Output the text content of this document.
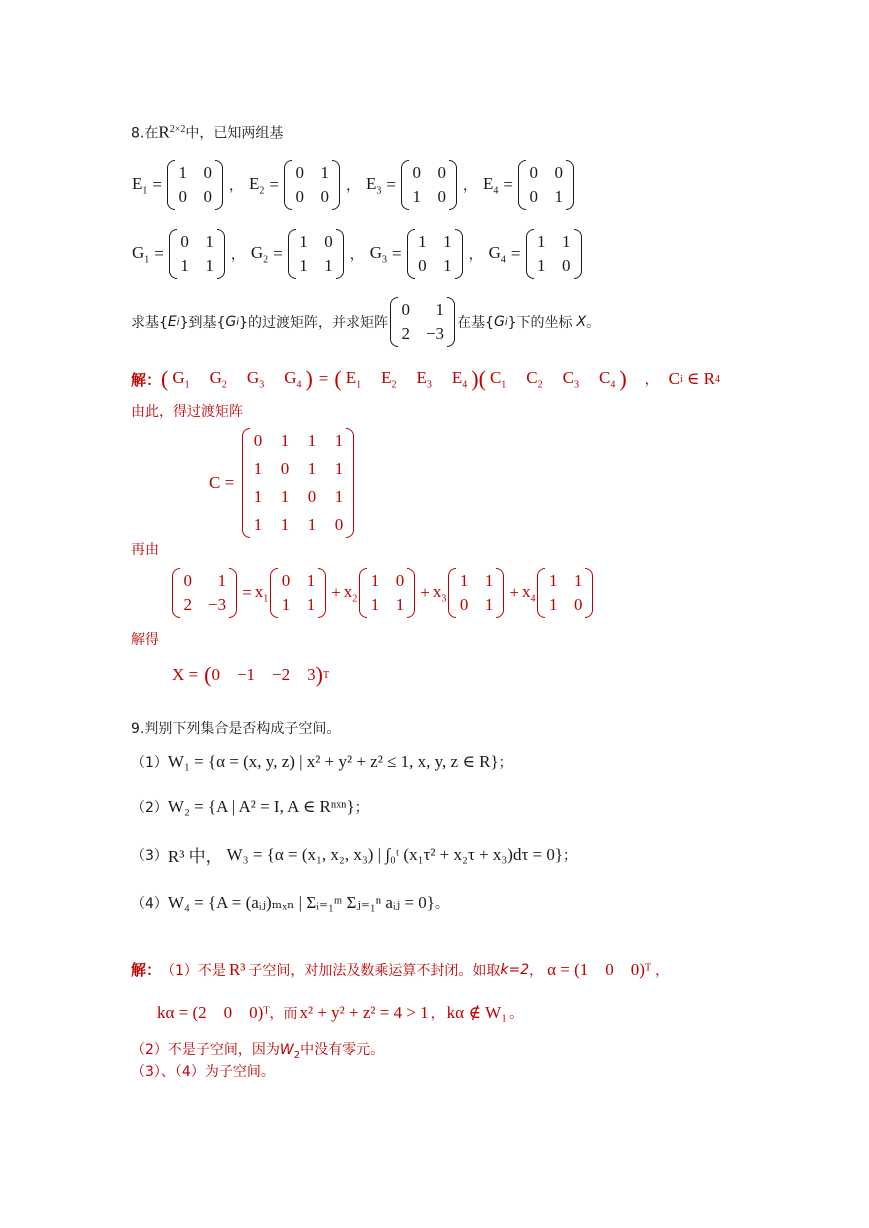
8.在$R^{2\times 2}$中，已知两组基
$E_1$ =
1 0
0 0
， $E_2$ =
0 1
0 0
， $E_3$ =
0 0
1 0
， $E_4$ =
0 0
0 1
$G_1$ =
0 1
1 1
， $G_2$ =
1 0
1 1
， $G_3$ =
1 1
0 1
， $G_4$ =
1 1
1 0
求基{ E i }到基{ G i }的过渡矩阵，并求矩阵
0	1
2 −3
在基{ G i }下的坐标 X 。
解： ( $G_1$ $G_2$ $G_3$ $G_4$ ) = ( $E_1$ $E_2$ $E_3$ $E_4$ ) ( $C_1$ $C_2$ $C_3$ $C_4$ ) ， C i ∈ R 4
由此，得过渡矩阵
C =
0 1 1 1
1 0 1 1
1 1 0 1
1 1 1 0
再由
0	1
2 −3
= $x_1$
0 1
1 1
+ $x_2$
1 0
1 1
+ $x_3$
1 1
0 1
+ $x_4$
1 1
1 0
解得
X = ( 0    −1    −2    3 ) T
9.判别下列集合是否构成子空间。
（1） W₁ = {α = (x, y, z) | x² + y² + z² ≤ 1, x, y, z ∈ R} ；
（2） W₂ = {A | A² = I, A ∈ Rⁿˣⁿ} ；
（3） R³ 中， W₃ = {α = (x₁, x₂, x₃) | ∫₀ᵗ (x₁τ² + x₂τ + x₃)dτ = 0} ；
（4） W₄ = {A = (aᵢⱼ)ₘₓₙ | Σᵢ₌₁ᵐ Σⱼ₌₁ⁿ aᵢⱼ = 0} 。
解： （1）不是 R³ 子空间，对加法及数乘运算不封闭。如取 k=2 ， α = (1    0    0)ᵀ ，
kα = (2    0    0)ᵀ ，而 x² + y² + z² = 4 > 1 ， kα ∉ W₁ 。
（2）不是子空间，因为$W_2$中没有零元。
（3）、（4）为子空间。
